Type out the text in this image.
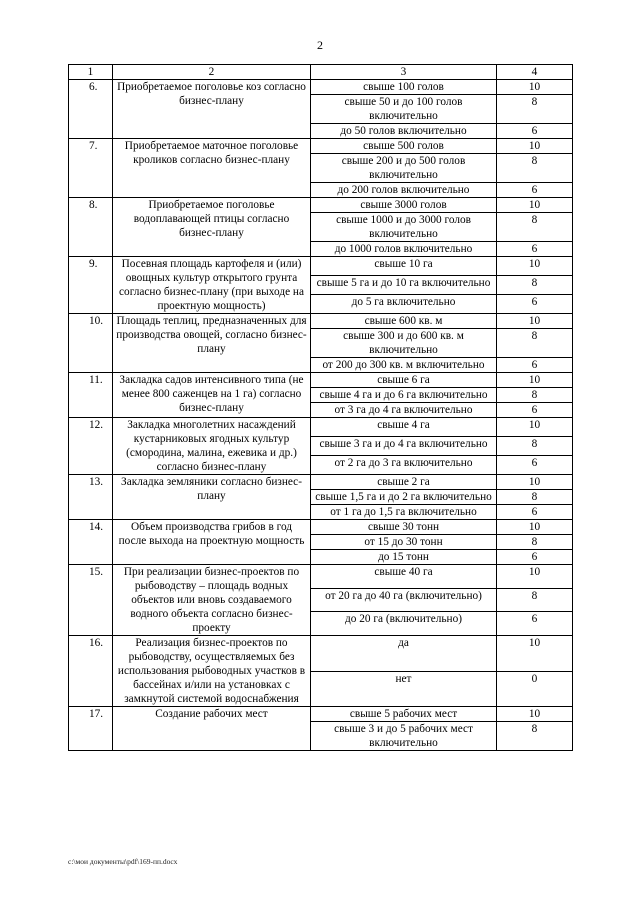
2
1	2	3	4
6.	Приобретаемое поголовье коз согласно бизнес-плану	свыше 100 голов	10
		свыше 50 и до 100 голов включительно	8
		до 50 голов включительно	6
7.	Приобретаемое маточное поголовье кроликов согласно бизнес-плану	свыше 500 голов	10
		свыше 200 и до 500 голов включительно	8
		до 200 голов включительно	6
8.	Приобретаемое поголовье водоплавающей птицы согласно бизнес-плану	свыше 3000 голов	10
		свыше 1000 и до 3000 голов включительно	8
		до 1000 голов включительно	6
9.	Посевная площадь картофеля и (или) овощных культур открытого грунта согласно бизнес-плану (при выходе на проектную мощность)	свыше 10 га	10
		свыше 5 га и до 10 га включительно	8
		до 5 га включительно	6
10.	Площадь теплиц, предназначенных для производства овощей, согласно бизнес-плану	свыше 600 кв. м	10
		свыше 300 и до 600 кв. м включительно	8
		от 200 до 300 кв. м включительно	6
11.	Закладка садов интенсивного типа (не менее 800 саженцев на 1 га) согласно бизнес-плану	свыше 6 га	10
		свыше 4 га и до 6 га включительно	8
		от 3 га до 4 га включительно	6
12.	Закладка многолетних насаждений кустарниковых ягодных культур (смородина, малина, ежевика и др.) согласно бизнес-плану	свыше 4 га	10
		свыше 3 га и до 4 га включительно	8
		от 2 га до 3 га включительно	6
13.	Закладка земляники согласно бизнес-плану	свыше 2 га	10
		свыше 1,5 га и до 2 га включительно	8
		от 1 га до 1,5 га включительно	6
14.	Объем производства грибов в год после выхода на проектную мощность	свыше 30 тонн	10
		от 15 до 30 тонн	8
		до 15 тонн	6
15.	При реализации бизнес-проектов по рыбоводству – площадь водных объектов или вновь создаваемого водного объекта согласно бизнес-проекту	свыше 40 га	10
		от 20 га до 40 га (включительно)	8
		до 20 га (включительно)	6
16.	Реализация бизнес-проектов по рыбоводству, осуществляемых без использования рыбоводных участков в бассейнах и/или на установках с замкнутой системой водоснабжения	да	10
		нет	0
17.	Создание рабочих мест	свыше 5 рабочих мест	10
		свыше 3 и до 5 рабочих мест включительно	8
c:\мои документы\pdf\169-пп.docx
